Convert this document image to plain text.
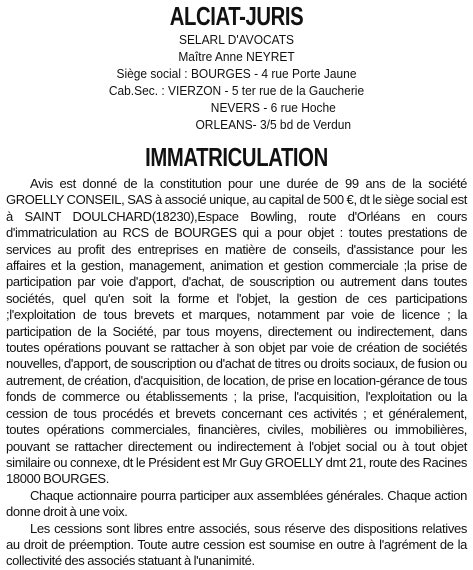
ALCIAT-JURIS
SELARL D'AVOCATS
Maître Anne NEYRET
Siège social : BOURGES - 4 rue Porte Jaune
Cab.Sec. : VIERZON - 5 ter rue de la Gaucherie
NEVERS - 6 rue Hoche
ORLEANS- 3/5 bd de Verdun
IMMATRICULATION

Avis est donné de la constitution pour une durée de 99 ans de la société GROELLY CONSEIL, SAS à associé unique, au capital de 500 €, dt le siège social est à SAINT DOULCHARD(18230),Espace Bowling, route d'Orléans en cours d'immatriculation au RCS de BOURGES qui a pour objet : toutes prestations de services au profit des entreprises en matière de conseils, d'assistance pour les affaires et la gestion, management, animation et gestion commerciale ;la prise de participation par voie d'apport, d'achat, de souscription ou autrement dans toutes sociétés, quel qu'en soit la forme et l'objet, la gestion de ces participations ;l'exploitation de tous brevets et marques, notamment par voie de licence ; la participation de la Société, par tous moyens, directement ou indirectement, dans toutes opérations pouvant se rattacher à son objet par voie de création de sociétés nouvelles, d'apport, de souscription ou d'achat de titres ou droits sociaux, de fusion ou autrement, de création, d'acquisition, de location, de prise en location-gérance de tous fonds de commerce ou établissements ; la prise, l'acquisition, l'exploitation ou la cession de tous procédés et brevets concernant ces activités ; et généralement, toutes opérations commerciales, financières, civiles, mobilières ou immobilières, pouvant se rattacher directement ou indirectement à l'objet social ou à tout objet similaire ou connexe, dt le Président est Mr Guy GROELLY dmt 21, route des Racines 18000 BOURGES.

Chaque actionnaire pourra participer aux assemblées générales. Chaque action donne droit à une voix.

Les cessions sont libres entre associés, sous réserve des dispositions relatives au droit de préemption. Toute autre cession est soumise en outre à l'agrément de la collectivité des associés statuant à l'unanimité.
